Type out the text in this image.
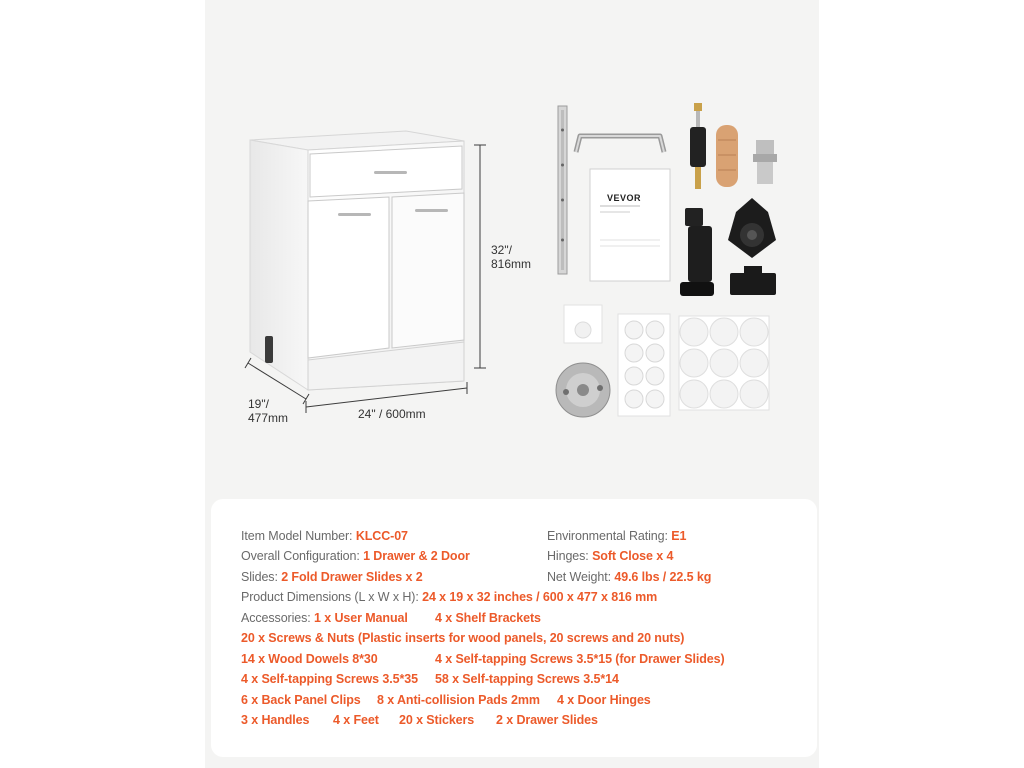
32"/
816mm
19"/
477mm	24" / 600mm
VEVOR
Item Model Number: KLCC-07	Environmental Rating: E1
Overall Configuration: 1 Drawer & 2 Door	Hinges: Soft Close x 4
Slides: 2 Fold Drawer Slides x 2	Net Weight: 49.6 lbs / 22.5 kg
Product Dimensions (L x W x H): 24 x 19 x 32 inches / 600 x 477 x 816 mm
Accessories: 1 x User Manual 4 x Shelf Brackets
20 x Screws & Nuts (Plastic inserts for wood panels, 20 screws and 20 nuts)
14 x Wood Dowels 8*30	4 x Self-tapping Screws 3.5*15 (for Drawer Slides)
4 x Self-tapping Screws 3.5*35 58 x Self-tapping Screws 3.5*14
6 x Back Panel Clips 8 x Anti-collision Pads 2mm 4 x Door Hinges
3 x Handles 4 x Feet 20 x Stickers 2 x Drawer Slides
